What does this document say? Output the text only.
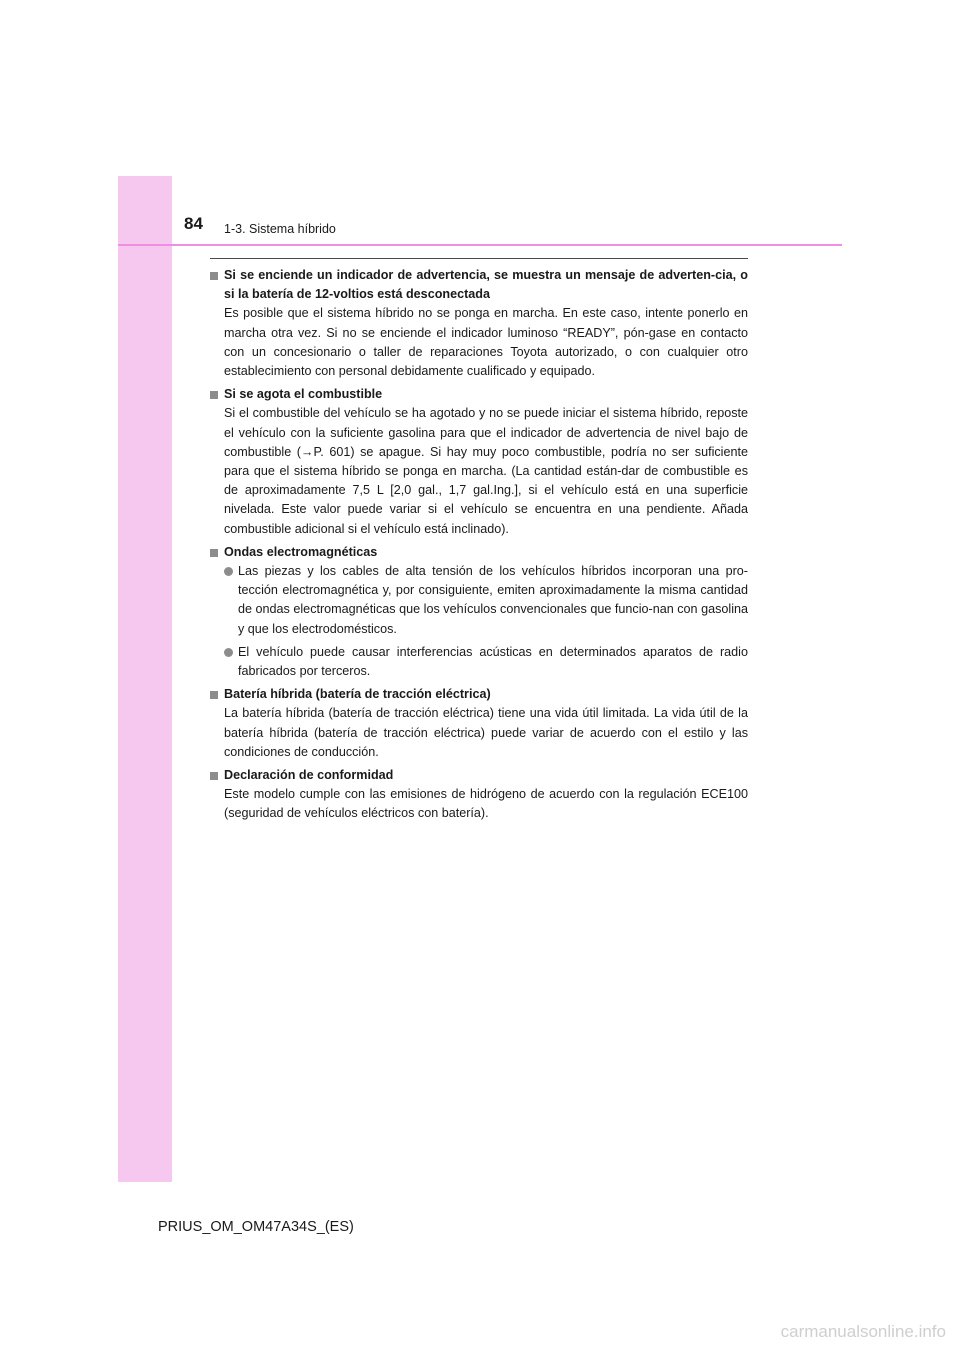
84 1-3. Sistema híbrido
Si se enciende un indicador de advertencia, se muestra un mensaje de adverten-cia, o si la batería de 12-voltios está desconectada
Es posible que el sistema híbrido no se ponga en marcha. En este caso, intente ponerlo en marcha otra vez. Si no se enciende el indicador luminoso “READY”, pón-gase en contacto con un concesionario o taller de reparaciones Toyota autorizado, o con cualquier otro establecimiento con personal debidamente cualificado y equipado.
Si se agota el combustible
Si el combustible del vehículo se ha agotado y no se puede iniciar el sistema híbrido, reposte el vehículo con la suficiente gasolina para que el indicador de advertencia de nivel bajo de combustible (→P. 601) se apague. Si hay muy poco combustible, podría no ser suficiente para que el sistema híbrido se ponga en marcha. (La cantidad están-dar de combustible es de aproximadamente 7,5 L [2,0 gal., 1,7 gal.Ing.], si el vehículo está en una superficie nivelada. Este valor puede variar si el vehículo se encuentra en una pendiente. Añada combustible adicional si el vehículo está inclinado).
Ondas electromagnéticas
Las piezas y los cables de alta tensión de los vehículos híbridos incorporan una pro-tección electromagnética y, por consiguiente, emiten aproximadamente la misma cantidad de ondas electromagnéticas que los vehículos convencionales que funcio-nan con gasolina y que los electrodomésticos.
El vehículo puede causar interferencias acústicas en determinados aparatos de radio fabricados por terceros.
Batería híbrida (batería de tracción eléctrica)
La batería híbrida (batería de tracción eléctrica) tiene una vida útil limitada. La vida útil de la batería híbrida (batería de tracción eléctrica) puede variar de acuerdo con el estilo y las condiciones de conducción.
Declaración de conformidad
Este modelo cumple con las emisiones de hidrógeno de acuerdo con la regulación ECE100 (seguridad de vehículos eléctricos con batería).
PRIUS_OM_OM47A34S_(ES)
carmanualsonline.info
